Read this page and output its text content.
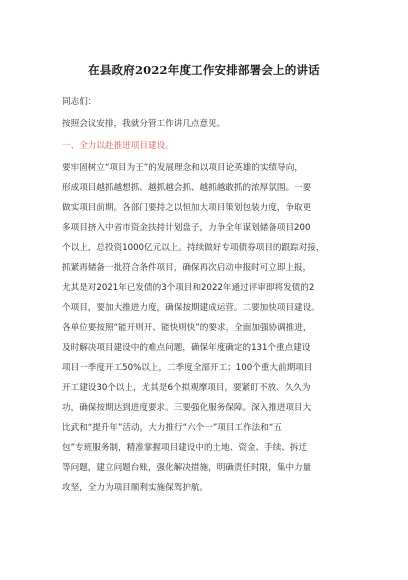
在县政府2022年度工作安排部署会上的讲话
同志们：
按照会议安排，我就分管工作讲几点意见。
一、全力以赴推进项目建设。
要牢固树立“项目为王”的发展理念和以项目论英雄的实绩导向，
形成项目越抓越想抓、越抓越会抓、越抓越敢抓的浓厚氛围。一要
做实项目前期。各部门要持之以恒加大项目策划包装力度，争取更
多项目挤入中省市资金扶持计划盘子，力争全年谋划储备项目200
个以上，总投资1000亿元以上。持续做好专项债券项目的跟踪对接，
抓紧再储备一批符合条件项目，确保再次启动申报时可立即上报，
尤其是对2021年已发债的3个项目和2022年通过评审即将发债的2
个项目，要加大推进力度，确保按期建成运营。二要加快项目建设。
各单位要按照“能开则开、能快则快”的要求，全面加强协调推进，
及时解决项目建设中的难点问题，确保年度确定的131个重点建设
项目一季度开工50%以上，二季度全部开工；100个重大前期项目
开工建设30个以上，尤其是6个拟观摩项目，要紧盯不放、久久为
功，确保按期达到进度要求。三要强化服务保障。深入推进项目大
比武和“提升年”活动，大力推行“六个一”项目工作法和“五
包”专班服务制，精准掌握项目建设中的土地、资金、手续、拆迁
等问题，建立问题台账，强化解决措施，明确责任时限，集中力量
攻坚，全力为项目顺利实施保驾护航。
